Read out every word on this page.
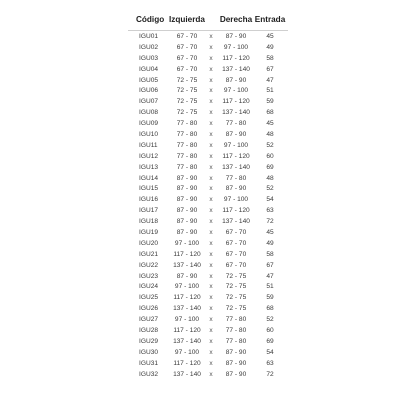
Código Izquierda Derecha Entrada
IGU01	67 - 70 x 87 - 90	45
IGU02	67 - 70 x 97 - 100	49
IGU03	67 - 70 x 117 - 120	58
IGU04	67 - 70 x 137 - 140 67
IGU05	72 - 75 x 87 - 90	47
IGU06	72 - 75 x 97 - 100	51
IGU07	72 - 75 x 117 - 120	59
IGU08	72 - 75 x 137 - 140 68
IGU09	77 - 80 x 77 - 80	45
IGU10	77 - 80 x 87 - 90	48
IGU11	77 - 80 x 97 - 100	52
IGU12	77 - 80 x 117 - 120	60
IGU13	77 - 80 x 137 - 140 69
IGU14	87 - 90 x 77 - 80	48
IGU15	87 - 90 x 87 - 90	52
IGU16	87 - 90 x 97 - 100	54
IGU17	87 - 90 x 117 - 120	63
IGU18	87 - 90 x 137 - 140 72
IGU19	87 - 90 x 67 - 70	45
IGU20	97 - 100 x 67 - 70	49
IGU21 117 - 120 x 67 - 70	58
IGU22 137 - 140 x 67 - 70	67
IGU23	87 - 90 x 72 - 75	47
IGU24	97 - 100 x 72 - 75	51
IGU25 117 - 120 x 72 - 75	59
IGU26 137 - 140 x 72 - 75	68
IGU27	97 - 100 x 77 - 80	52
IGU28 117 - 120 x 77 - 80	60
IGU29 137 - 140 x 77 - 80	69
IGU30	97 - 100 x 87 - 90	54
IGU31 117 - 120 x 87 - 90	63
IGU32 137 - 140 x 87 - 90	72
